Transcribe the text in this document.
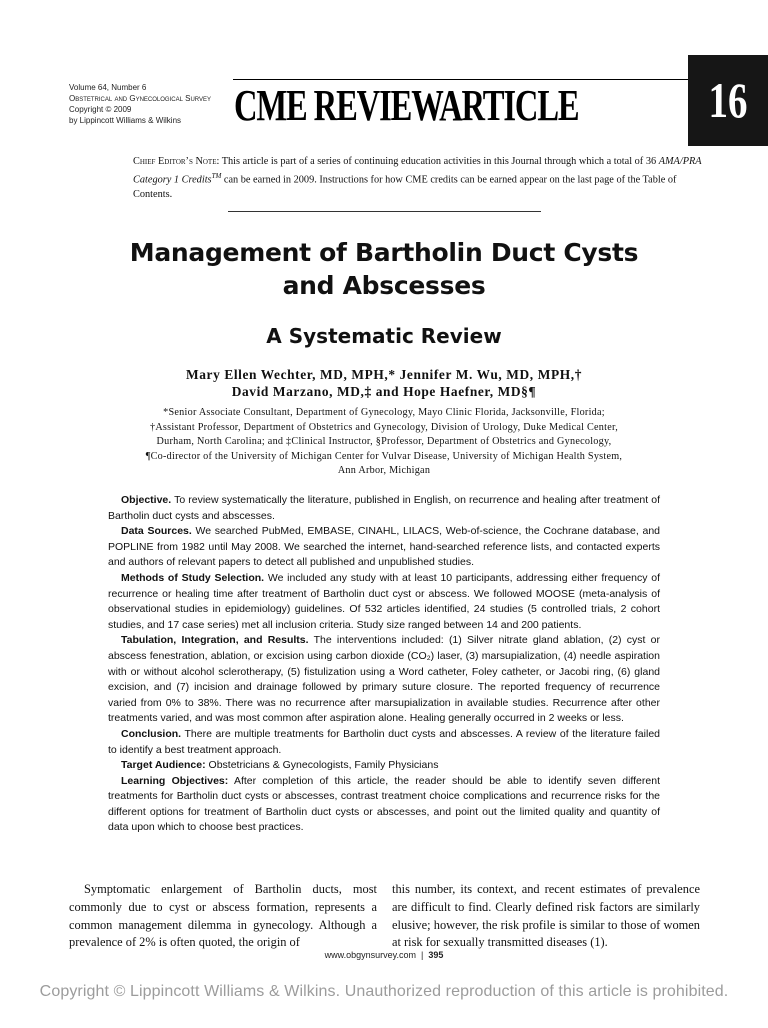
Volume 64, Number 6
Obstetrical and Gynecological Survey
Copyright © 2009
by Lippincott Williams & Wilkins	CME REVIEWARTICLE	16
Chief Editor’s Note: This article is part of a series of continuing education activities in this Journal through which a total of 36 AMA/PRA Category 1 Credits™ can be earned in 2009. Instructions for how CME credits can be earned appear on the last page of the Table of Contents.
Management of Bartholin Duct Cysts
and Abscesses
A Systematic Review
Mary Ellen Wechter, MD, MPH,* Jennifer M. Wu, MD, MPH,†
David Marzano, MD,‡ and Hope Haefner, MD§¶
*Senior Associate Consultant, Department of Gynecology, Mayo Clinic Florida, Jacksonville, Florida;
†Assistant Professor, Department of Obstetrics and Gynecology, Division of Urology, Duke Medical Center,
Durham, North Carolina; and ‡Clinical Instructor, §Professor, Department of Obstetrics and Gynecology,
¶Co-director of the University of Michigan Center for Vulvar Disease, University of Michigan Health System,
Ann Arbor, Michigan

Objective. To review systematically the literature, published in English, on recurrence and healing after treatment of Bartholin duct cysts and abscesses.

Data Sources. We searched PubMed, EMBASE, CINAHL, LILACS, Web-of-science, the Cochrane database, and POPLINE from 1982 until May 2008. We searched the internet, hand-searched reference lists, and contacted experts and authors of relevant papers to detect all published and unpublished studies.

Methods of Study Selection. We included any study with at least 10 participants, addressing either frequency of recurrence or healing time after treatment of Bartholin duct cyst or abscess. We followed MOOSE (meta-analysis of observational studies in epidemiology) guidelines. Of 532 articles identified, 24 studies (5 controlled trials, 2 cohort studies, and 17 case series) met all inclusion criteria. Study size ranged between 14 and 200 patients.

Tabulation, Integration, and Results. The interventions included: (1) Silver nitrate gland ablation, (2) cyst or abscess fenestration, ablation, or excision using carbon dioxide (CO₂) laser, (3) marsupialization, (4) needle aspiration with or without alcohol sclerotherapy, (5) fistulization using a Word catheter, Foley catheter, or Jacobi ring, (6) gland excision, and (7) incision and drainage followed by primary suture closure. The reported frequency of recurrence varied from 0% to 38%. There was no recurrence after marsupialization in available studies. Recurrence after other treatments varied, and was most common after aspiration alone. Healing generally occurred in 2 weeks or less.

Conclusion. There are multiple treatments for Bartholin duct cysts and abscesses. A review of the literature failed to identify a best treatment approach.

Target Audience: Obstetricians & Gynecologists, Family Physicians

Learning Objectives: After completion of this article, the reader should be able to identify seven different treatments for Bartholin duct cysts or abscesses, contrast treatment choice complications and recurrence risks for the different options for treatment of Bartholin duct cysts or abscesses, and point out the limited quality and quantity of data upon which to choose best practices.

Symptomatic enlargement of Bartholin ducts, most commonly due to cyst or abscess formation, represents a common management dilemma in gynecology. Although a prevalence of 2% is often quoted, the origin of
this number, its context, and recent estimates of prevalence are difficult to find. Clearly defined risk factors are similarly elusive; however, the risk profile is similar to those of women at risk for sexually transmitted diseases (1).
www.obgynsurvey.com | 395
Copyright © Lippincott Williams & Wilkins. Unauthorized reproduction of this article is prohibited.
